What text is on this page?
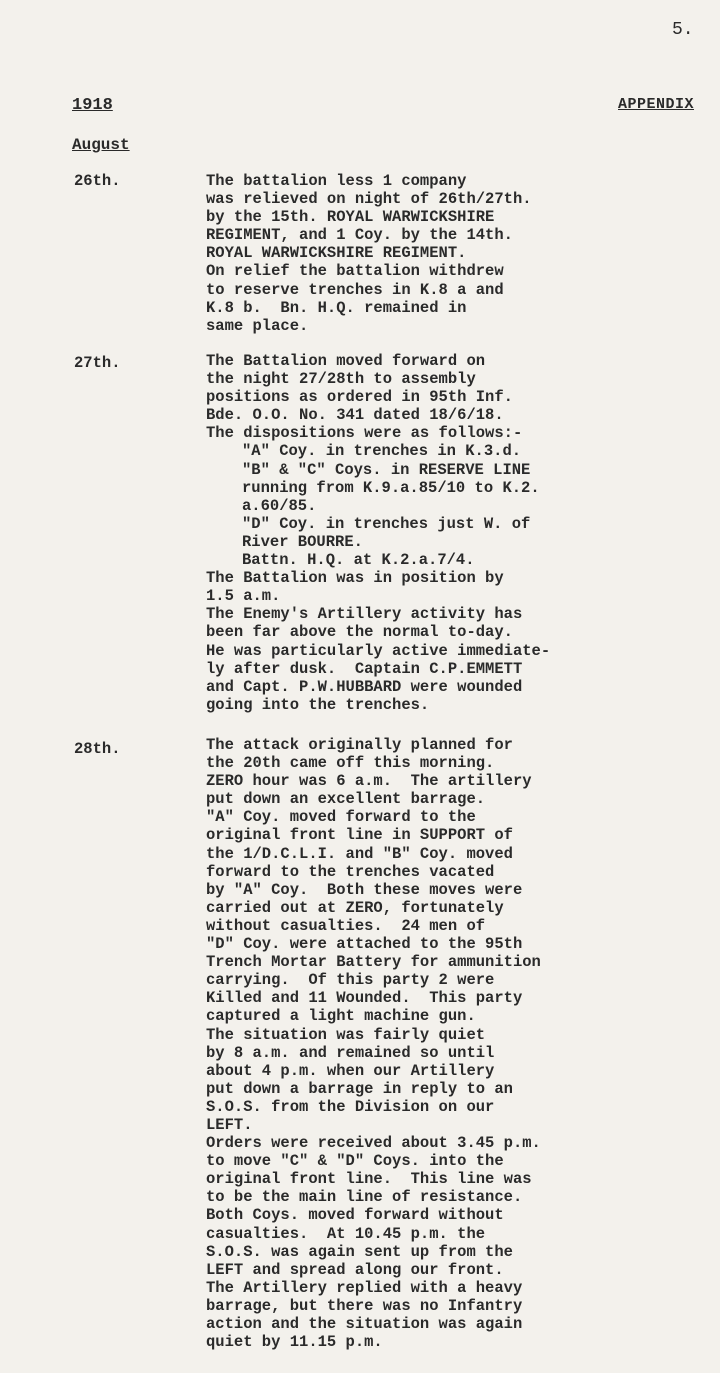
5.
1918	APPENDIX
August
26th.	The battalion less 1 company
was relieved on night of 26th/27th.
by the 15th. ROYAL WARWICKSHIRE
REGIMENT, and 1 Coy. by the 14th.
ROYAL WARWICKSHIRE REGIMENT.
On relief the battalion withdrew
to reserve trenches in K.8 a and
K.8 b.  Bn. H.Q. remained in
same place.
27th.	The Battalion moved forward on
the night 27/28th to assembly
positions as ordered in 95th Inf.
Bde. O.O. No. 341 dated 18/6/18.
The dispositions were as follows:-
"A" Coy. in trenches in K.3.d.
"B" & "C" Coys. in RESERVE LINE
running from K.9.a.85/10 to K.2.
a.60/85.
"D" Coy. in trenches just W. of
River BOURRE.
Battn. H.Q. at K.2.a.7/4.
The Battalion was in position by
1.5 a.m.
The Enemy's Artillery activity has
been far above the normal to-day.
He was particularly active immediate-
ly after dusk.  Captain C.P.EMMETT
and Capt. P.W.HUBBARD were wounded
going into the trenches.
28th.	The attack originally planned for
the 20th came off this morning.
ZERO hour was 6 a.m.  The artillery
put down an excellent barrage.
"A" Coy. moved forward to the
original front line in SUPPORT of
the 1/D.C.L.I. and "B" Coy. moved
forward to the trenches vacated
by "A" Coy.  Both these moves were
carried out at ZERO, fortunately
without casualties.  24 men of
"D" Coy. were attached to the 95th
Trench Mortar Battery for ammunition
carrying.  Of this party 2 were
Killed and 11 Wounded.  This party
captured a light machine gun.
The situation was fairly quiet
by 8 a.m. and remained so until
about 4 p.m. when our Artillery
put down a barrage in reply to an
S.O.S. from the Division on our
LEFT.
Orders were received about 3.45 p.m.
to move "C" & "D" Coys. into the
original front line.  This line was
to be the main line of resistance.
Both Coys. moved forward without
casualties.  At 10.45 p.m. the
S.O.S. was again sent up from the
LEFT and spread along our front.
The Artillery replied with a heavy
barrage, but there was no Infantry
action and the situation was again
quiet by 11.15 p.m.
